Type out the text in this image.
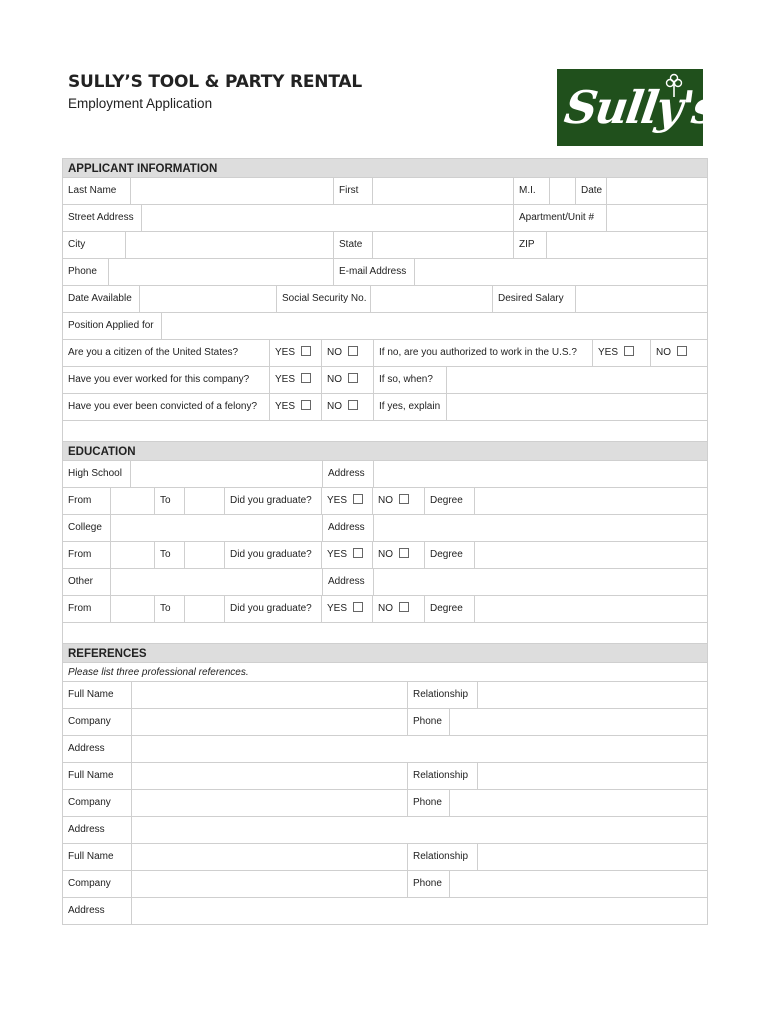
SULLY’S TOOL & PARTY RENTAL
Employment Application	Sully's
APPLICANT INFORMATION
Last Name	First	M.I.	Date
Street Address	Apartment/Unit #
City	State	ZIP
Phone	E-mail Address
Date Available	Social Security No.	Desired Salary
Position Applied for
Are you a citizen of the United States?	YES	NO	If no, are you authorized to work in the U.S.?	YES	NO
Have you ever worked for this company?	YES	NO	If so, when?
Have you ever been convicted of a felony?	YES	NO	If yes, explain
EDUCATION
High School	Address
From	To	Did you graduate?	YES	NO	Degree
College	Address
From	To	Did you graduate?	YES	NO	Degree
Other	Address
From	To	Did you graduate?	YES	NO	Degree
REFERENCES
Please list three professional references.
Full Name	Relationship
Company	Phone
Address
Full Name	Relationship
Company	Phone
Address
Full Name	Relationship
Company	Phone
Address
